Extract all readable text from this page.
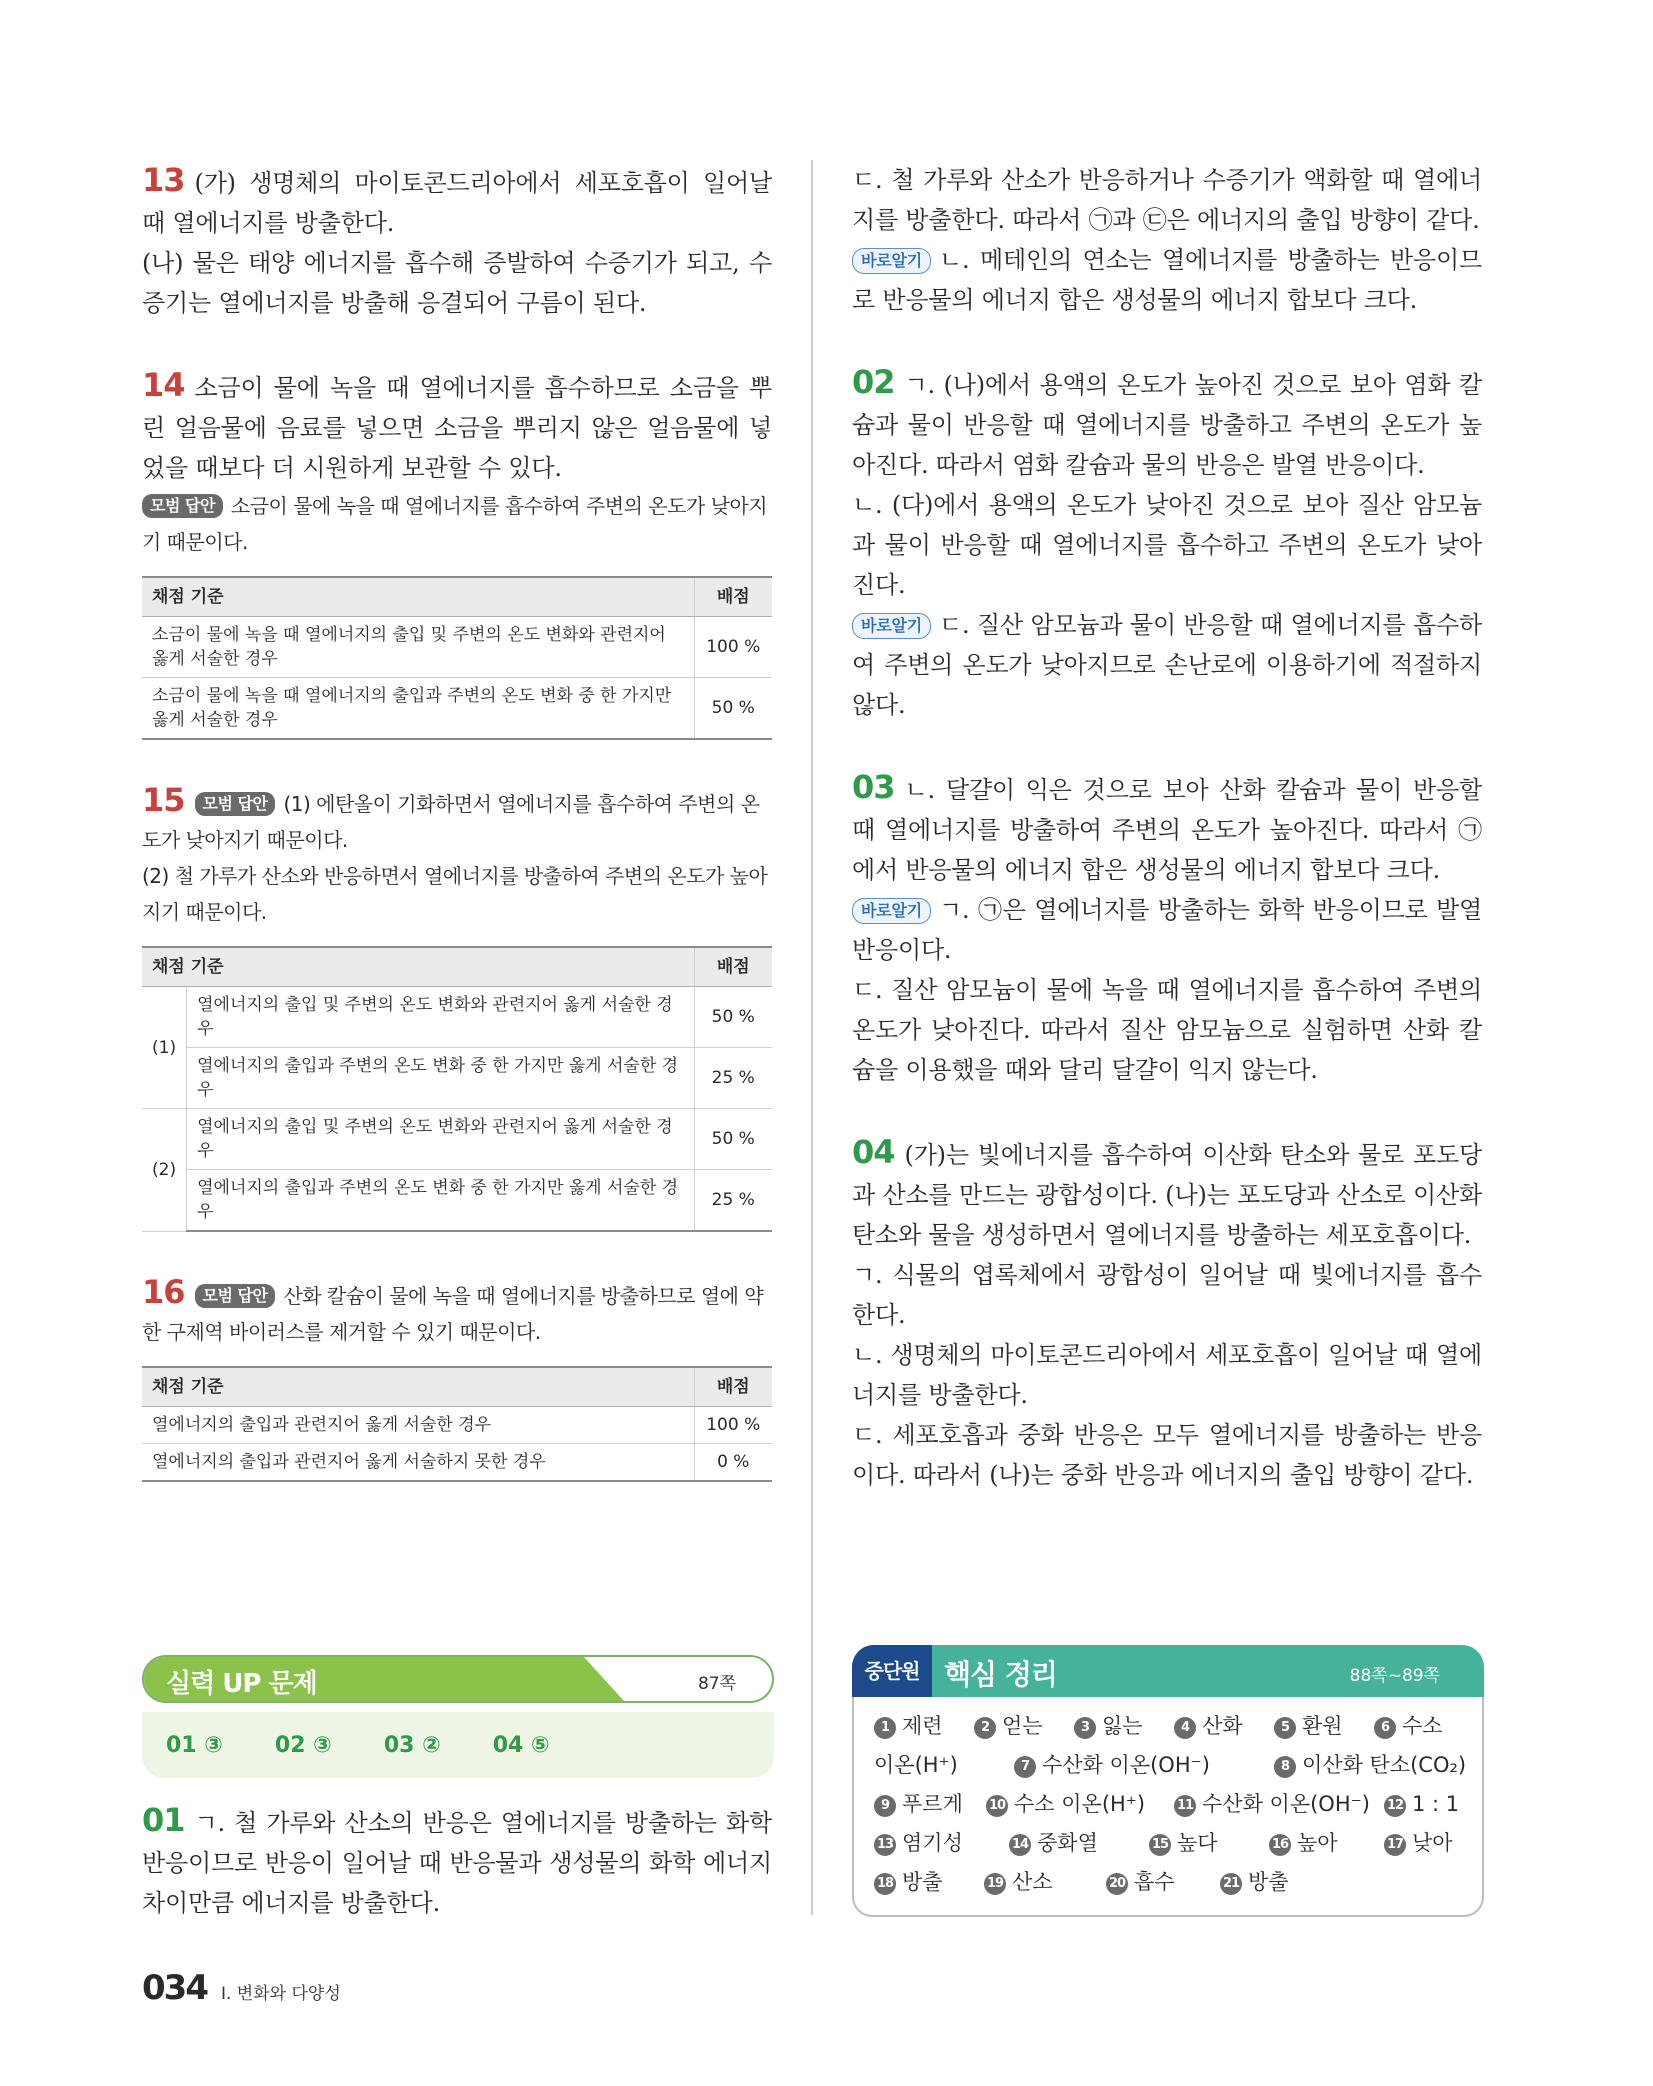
13 (가) 생명체의 마이토콘드리아에서 세포호흡이 일어날 때 열에너지를 방출한다.

(나) 물은 태양 에너지를 흡수해 증발하여 수증기가 되고, 수증기는 열에너지를 방출해 응결되어 구름이 된다.

14 소금이 물에 녹을 때 열에너지를 흡수하므로 소금을 뿌린 얼음물에 음료를 넣으면 소금을 뿌리지 않은 얼음물에 넣었을 때보다 더 시원하게 보관할 수 있다.

모범 답안 소금이 물에 녹을 때 열에너지를 흡수하여 주변의 온도가 낮아지기 때문이다.

채점 기준	배점
소금이 물에 녹을 때 열에너지의 출입 및 주변의 온도 변화와 관련지어 옳게 서술한 경우	100 %
소금이 물에 녹을 때 열에너지의 출입과 주변의 온도 변화 중 한 가지만 옳게 서술한 경우	50 %

15 모범 답안 (1) 에탄올이 기화하면서 열에너지를 흡수하여 주변의 온도가 낮아지기 때문이다.

(2) 철 가루가 산소와 반응하면서 열에너지를 방출하여 주변의 온도가 높아지기 때문이다.

채점 기준		배점
(1)	열에너지의 출입 및 주변의 온도 변화와 관련지어 옳게 서술한 경우	50 %
	열에너지의 출입과 주변의 온도 변화 중 한 가지만 옳게 서술한 경우	25 %
(2)	열에너지의 출입 및 주변의 온도 변화와 관련지어 옳게 서술한 경우	50 %
	열에너지의 출입과 주변의 온도 변화 중 한 가지만 옳게 서술한 경우	25 %

16 모범 답안 산화 칼슘이 물에 녹을 때 열에너지를 방출하므로 열에 약한 구제역 바이러스를 제거할 수 있기 때문이다.

채점 기준	배점
열에너지의 출입과 관련지어 옳게 서술한 경우	100 %
열에너지의 출입과 관련지어 옳게 서술하지 못한 경우	0 %
실력 UP 문제	87쪽
01 ③ 02 ③ 03 ② 04 ⑤

01 ㄱ. 철 가루와 산소의 반응은 열에너지를 방출하는 화학 반응이므로 반응이 일어날 때 반응물과 생성물의 화학 에너지 차이만큼 에너지를 방출한다.

ㄷ. 철 가루와 산소가 반응하거나 수증기가 액화할 때 열에너지를 방출한다. 따라서 ㉠과 ㉢은 에너지의 출입 방향이 같다.

바로알기 ㄴ. 메테인의 연소는 열에너지를 방출하는 반응이므로 반응물의 에너지 합은 생성물의 에너지 합보다 크다.

02 ㄱ. (나)에서 용액의 온도가 높아진 것으로 보아 염화 칼슘과 물이 반응할 때 열에너지를 방출하고 주변의 온도가 높아진다. 따라서 염화 칼슘과 물의 반응은 발열 반응이다.

ㄴ. (다)에서 용액의 온도가 낮아진 것으로 보아 질산 암모늄과 물이 반응할 때 열에너지를 흡수하고 주변의 온도가 낮아진다.

바로알기 ㄷ. 질산 암모늄과 물이 반응할 때 열에너지를 흡수하여 주변의 온도가 낮아지므로 손난로에 이용하기에 적절하지 않다.

03 ㄴ. 달걀이 익은 것으로 보아 산화 칼슘과 물이 반응할 때 열에너지를 방출하여 주변의 온도가 높아진다. 따라서 ㉠에서 반응물의 에너지 합은 생성물의 에너지 합보다 크다.

바로알기 ㄱ. ㉠은 열에너지를 방출하는 화학 반응이므로 발열 반응이다.

ㄷ. 질산 암모늄이 물에 녹을 때 열에너지를 흡수하여 주변의 온도가 낮아진다. 따라서 질산 암모늄으로 실험하면 산화 칼슘을 이용했을 때와 달리 달걀이 익지 않는다.

04 (가)는 빛에너지를 흡수하여 이산화 탄소와 물로 포도당과 산소를 만드는 광합성이다. (나)는 포도당과 산소로 이산화 탄소와 물을 생성하면서 열에너지를 방출하는 세포호흡이다.

ㄱ. 식물의 엽록체에서 광합성이 일어날 때 빛에너지를 흡수한다.

ㄴ. 생명체의 마이토콘드리아에서 세포호흡이 일어날 때 열에너지를 방출한다.

ㄷ. 세포호흡과 중화 반응은 모두 열에너지를 방출하는 반응이다. 따라서 (나)는 중화 반응과 에너지의 출입 방향이 같다.

중단원 핵심 정리	88쪽~89쪽
1 제련	2 얻는	3 잃는	4 산화	5 환원	6 수소
이온(H⁺)	7 수산화 이온(OH⁻)	8 이산화 탄소(CO₂)
9 푸르게 10 수소 이온(H⁺) 11 수산화 이온(OH⁻) 12 1 : 1
13 염기성	14 중화열	15 높다	16 높아	17 낮아
18 방출	19 산소	20 흡수	21 방출
034 Ⅰ. 변화와 다양성
